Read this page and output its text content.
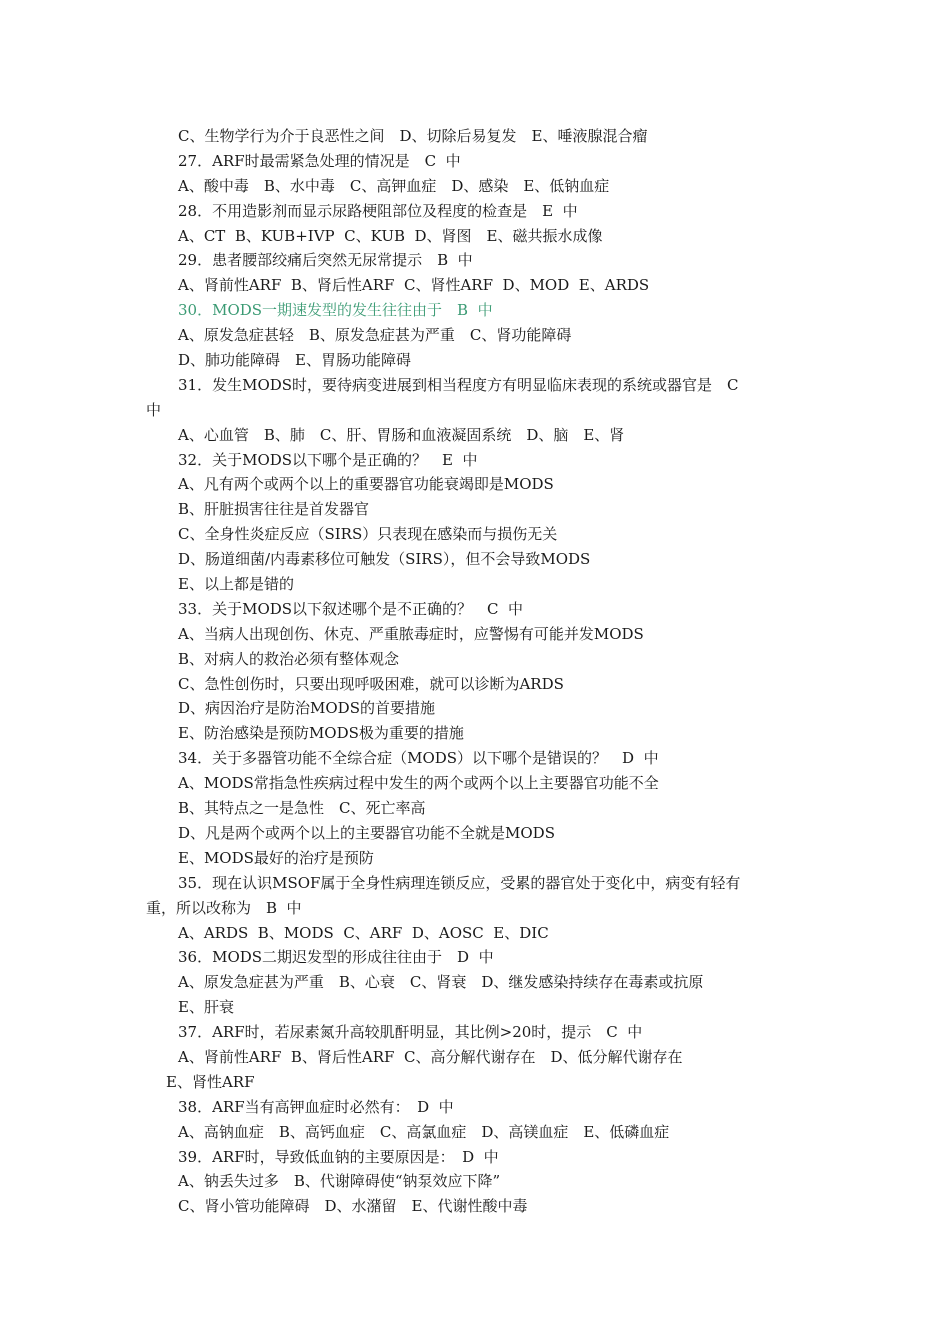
C、生物学行为介于良恶性之间　D、切除后易复发　E、唾液腺混合瘤
27．ARF时最需紧急处理的情况是　C  中
A、酸中毒　B、水中毒　C、高钾血症　D、感染　E、低钠血症
28．不用造影剂而显示尿路梗阻部位及程度的检查是　E  中
A、CT  B、KUB+IVP  C、KUB  D、肾图　E、磁共振水成像
29．患者腰部绞痛后突然无尿常提示　B  中
A、肾前性ARF  B、肾后性ARF  C、肾性ARF  D、MOD  E、ARDS
30．MODS一期速发型的发生往往由于　B  中
A、原发急症甚轻　B、原发急症甚为严重　C、肾功能障碍
D、肺功能障碍　E、胃肠功能障碍
31．发生MODS时，要待病变进展到相当程度方有明显临床表现的系统或器官是　C
中
A、心血管　B、肺　C、肝、胃肠和血液凝固系统　D、脑　E、肾
32．关于MODS以下哪个是正确的？　E  中
A、凡有两个或两个以上的重要器官功能衰竭即是MODS
B、肝脏损害往往是首发器官
C、全身性炎症反应（SIRS）只表现在感染而与损伤无关
D、肠道细菌/内毒素移位可触发（SIRS），但不会导致MODS
E、以上都是错的
33．关于MODS以下叙述哪个是不正确的？　C  中
A、当病人出现创伤、休克、严重脓毒症时，应警惕有可能并发MODS
B、对病人的救治必须有整体观念
C、急性创伤时，只要出现呼吸困难，就可以诊断为ARDS
D、病因治疗是防治MODS的首要措施
E、防治感染是预防MODS极为重要的措施
34．关于多器管功能不全综合症（MODS）以下哪个是错误的？　D  中
A、MODS常指急性疾病过程中发生的两个或两个以上主要器官功能不全
B、其特点之一是急性　C、死亡率高
D、凡是两个或两个以上的主要器官功能不全就是MODS
E、MODS最好的治疗是预防
35．现在认识MSOF属于全身性病理连锁反应，受累的器官处于变化中，病变有轻有
重，所以改称为　B  中
A、ARDS  B、MODS  C、ARF  D、AOSC  E、DIC
36．MODS二期迟发型的形成往往由于　D  中
A、原发急症甚为严重　B、心衰　C、肾衰　D、继发感染持续存在毒素或抗原
E、肝衰
37．ARF时，若尿素氮升高较肌酐明显，其比例>20时，提示　C  中
A、肾前性ARF  B、肾后性ARF  C、高分解代谢存在　D、低分解代谢存在
E、肾性ARF
38．ARF当有高钾血症时必然有：　D  中
A、高钠血症　B、高钙血症　C、高氯血症　D、高镁血症　E、低磷血症
39．ARF时，导致低血钠的主要原因是：　D  中
A、钠丢失过多　B、代谢障碍使“钠泵效应下降”
C、肾小管功能障碍　D、水潴留　E、代谢性酸中毒
